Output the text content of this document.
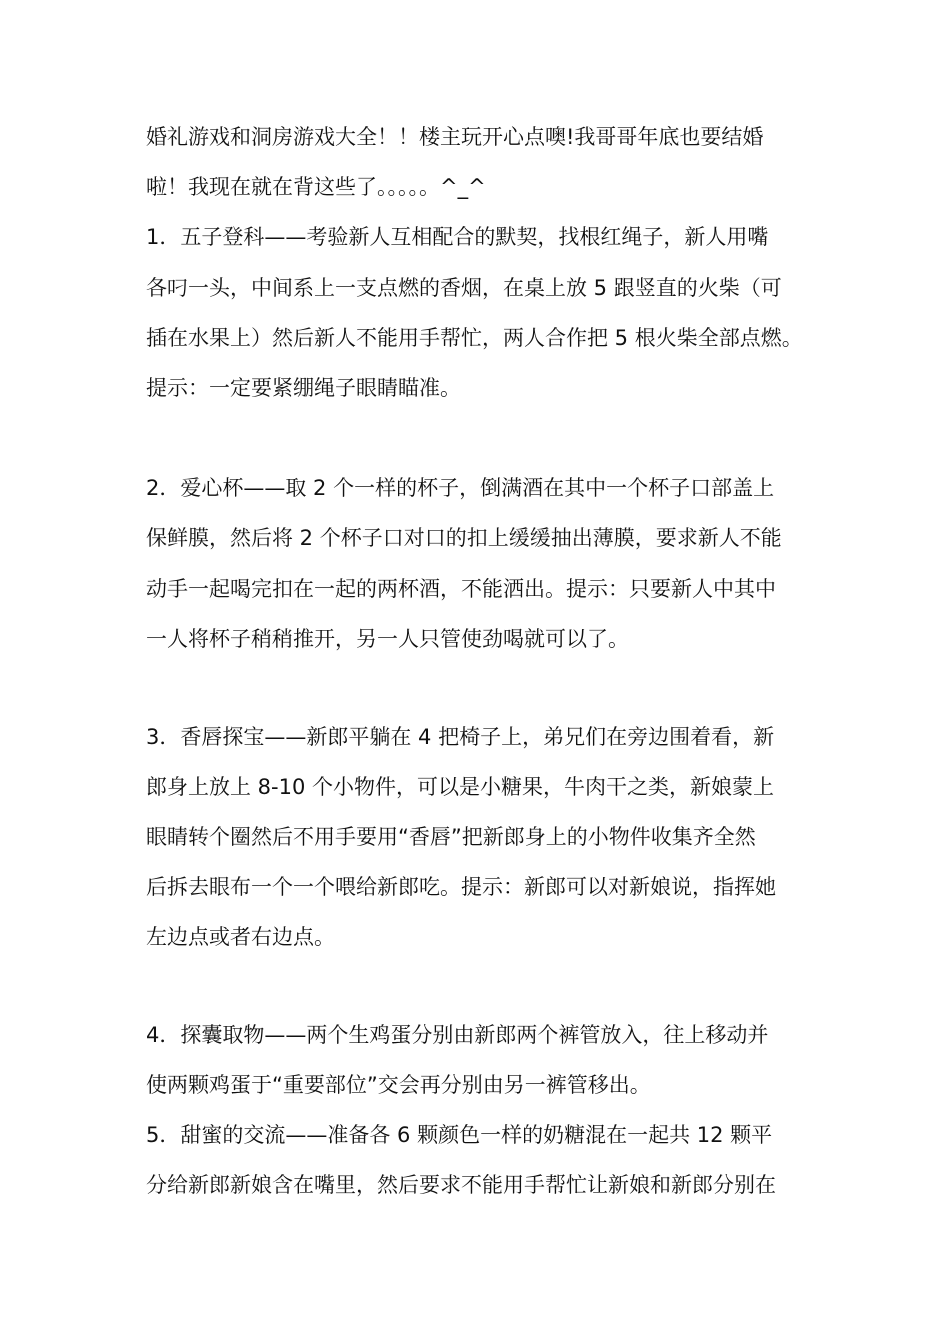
婚礼游戏和洞房游戏大全！！楼主玩开心点噢!我哥哥年底也要结婚
啦！我现在就在背这些了。。。。。^_^
1．五子登科——考验新人互相配合的默契，找根红绳子，新人用嘴
各叼一头，中间系上一支点燃的香烟，在桌上放 5 跟竖直的火柴（可
插在水果上）然后新人不能用手帮忙，两人合作把 5 根火柴全部点燃。
提示：一定要紧绷绳子眼睛瞄准。
2．爱心杯——取 2 个一样的杯子，倒满酒在其中一个杯子口部盖上
保鲜膜，然后将 2 个杯子口对口的扣上缓缓抽出薄膜，要求新人不能
动手一起喝完扣在一起的两杯酒，不能洒出。提示：只要新人中其中
一人将杯子稍稍推开，另一人只管使劲喝就可以了。
3．香唇探宝——新郎平躺在 4 把椅子上，弟兄们在旁边围着看，新
郎身上放上 8-10 个小物件，可以是小糖果，牛肉干之类，新娘蒙上
眼睛转个圈然后不用手要用“香唇”把新郎身上的小物件收集齐全然
后拆去眼布一个一个喂给新郎吃。提示：新郎可以对新娘说，指挥她
左边点或者右边点。
4．探囊取物——两个生鸡蛋分别由新郎两个裤管放入，往上移动并
使两颗鸡蛋于“重要部位”交会再分别由另一裤管移出。
5．甜蜜的交流——准备各 6 颗颜色一样的奶糖混在一起共 12 颗平
分给新郎新娘含在嘴里，然后要求不能用手帮忙让新娘和新郎分别在
